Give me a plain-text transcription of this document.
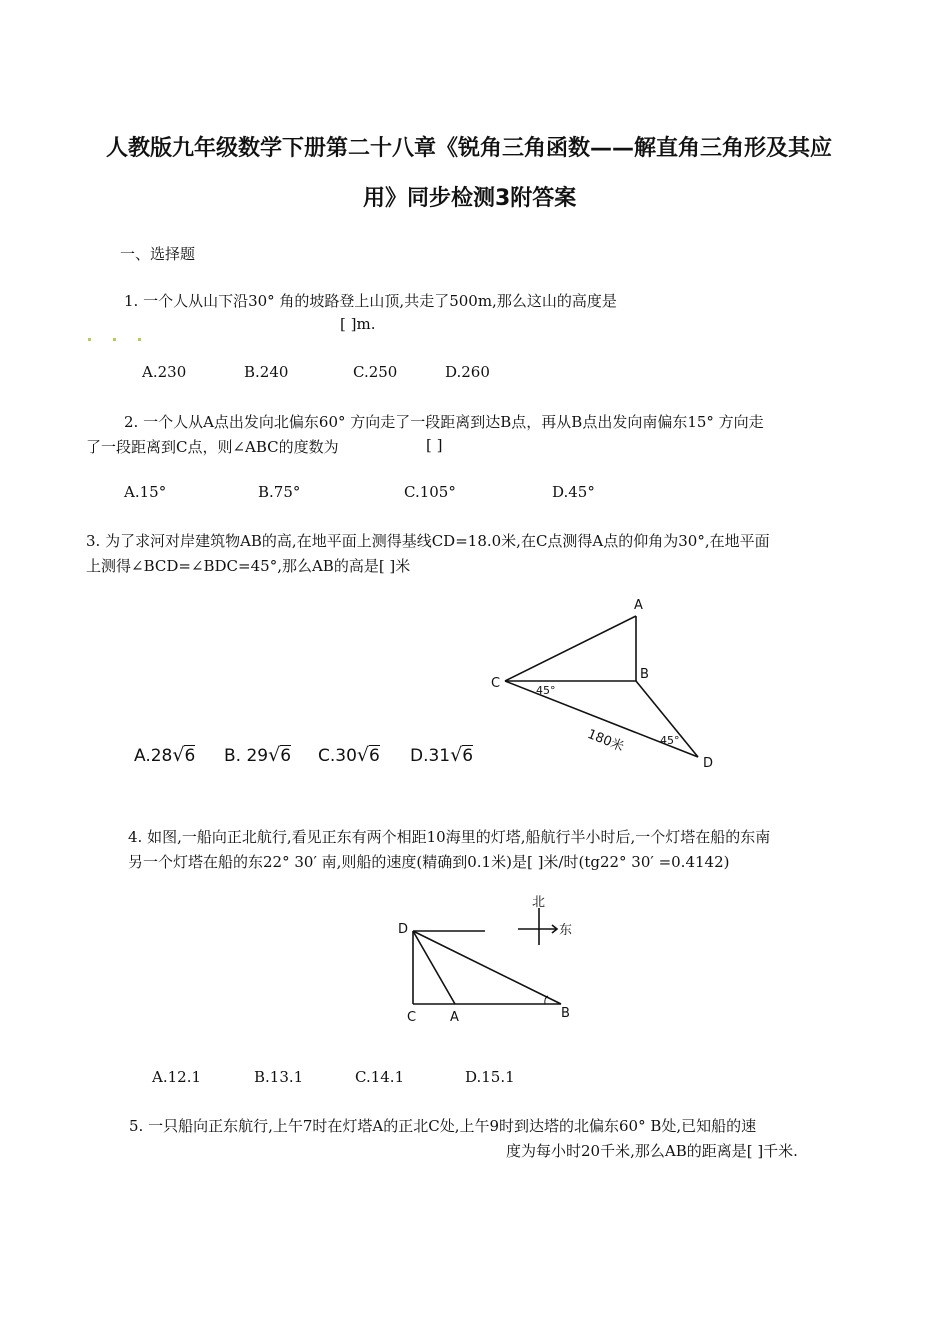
人教版九年级数学下册第二十八章《锐角三角函数——解直角三角形及其应
用》同步检测3附答案
一、选择题
1. 一个人从山下沿30° 角的坡路登上山顶,共走了500m,那么这山的高度是
[ ]m.
A.230	B.240	C.250	D.260
2. 一个人从A点出发向北偏东60° 方向走了一段距离到达B点，再从B点出发向南偏东15° 方向走
了一段距离到C点，则∠ABC的度数为	[ ]
A.15°	B.75°	C.105°	D.45°
3. 为了求河对岸建筑物AB的高,在地平面上测得基线CD=18.0米,在C点测得A点的仰角为30°,在地平面
上测得∠BCD=∠BDC=45°,那么AB的高是[ ]米
A
B
C
D
45°
45°
180米
A.28√6 B. 29√6 C.30√6 D.31√6
4. 如图,一船向正北航行,看见正东有两个相距10海里的灯塔,船航行半小时后,一个灯塔在船的东南
另一个灯塔在船的东22° 30′ 南,则船的速度(精确到0.1米)是[ ]米/时(tg22° 30′ =0.4142)
D
C	A	B
北
东
A.12.1	B.13.1	C.14.1	D.15.1
5. 一只船向正东航行,上午7时在灯塔A的正北C处,上午9时到达塔的北偏东60° B处,已知船的速
度为每小时20千米,那么AB的距离是[ ]千米.
